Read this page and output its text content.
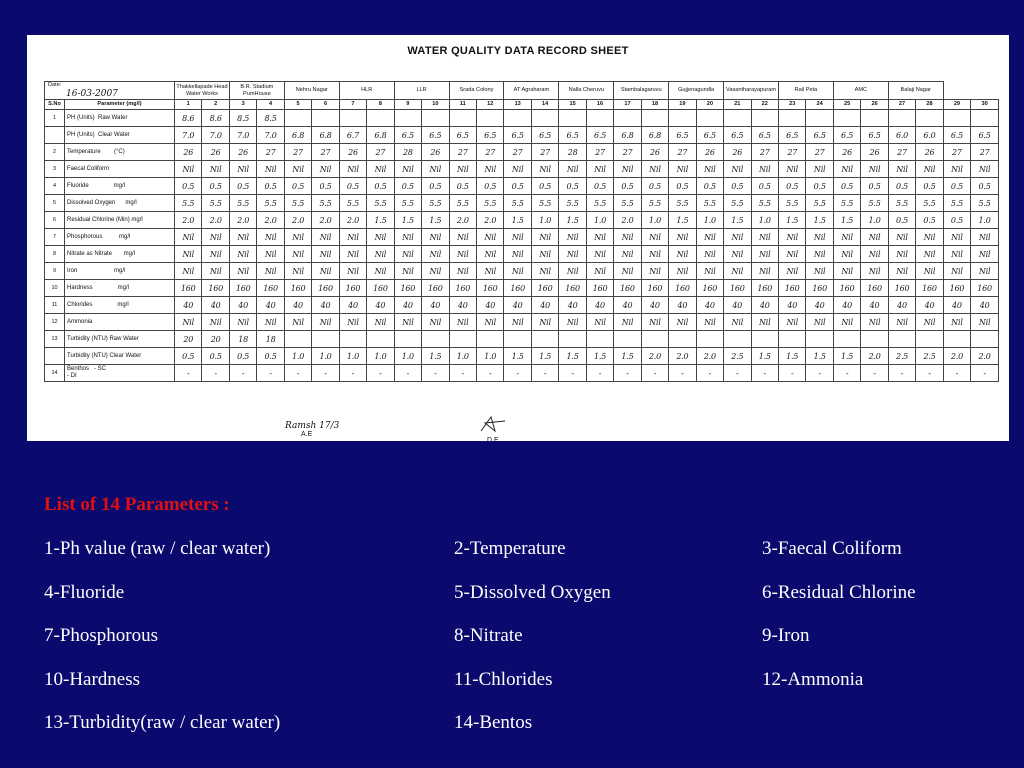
WATER QUALITY DATA RECORD SHEET
Date:
16-03-2007		Thakkellapade Head Water Works		B.R. Stadium PumHouse		Nehru Nagar		HLR		LLR		Srada Colony		AT Agraharam		Nalla Cheruvu		Stambalagaruvu		Gujjenagundla		Vasantharayapuram		Rail Peta		AMC		Balaji Nagar			

S.No	Parameter (mg/l)	1	2	3	4	5	6	7	8	9	10	11	12	13	14	15	16	17	18	19	20	21	22	23	24	25	26	27	28	29	30
1	PH (Units)  Raw Water	8.6	8.6	8.5	8.5																										
	PH (Units)  Clear Water	7.0	7.0	7.0	7.0	6.8	6.8	6.7	6.8	6.5	6.5	6.5	6.5	6.5	6.5	6.5	6.5	6.8	6.8	6.5	6.5	6.5	6.5	6.5	6.5	6.5	6.5	6.0	6.0	6.5	6.5
2	Temperature        (°C)	26	26	26	27	27	27	26	27	28	26	27	27	27	27	28	27	27	26	27	26	26	27	27	27	26	26	27	26	27	27
3	Faecal Coliform	Nil	Nil	Nil	Nil	Nil	Nil	Nil	Nil	Nil	Nil	Nil	Nil	Nil	Nil	Nil	Nil	Nil	Nil	Nil	Nil	Nil	Nil	Nil	Nil	Nil	Nil	Nil	Nil	Nil	Nil
4	Fluoride               mg/l	0.5	0.5	0.5	0.5	0.5	0.5	0.5	0.5	0.5	0.5	0.5	0.5	0.5	0.5	0.5	0.5	0.5	0.5	0.5	0.5	0.5	0.5	0.5	0.5	0.5	0.5	0.5	0.5	0.5	0.5
5	Dissolved Oxygen      mg/l	5.5	5.5	5.5	5.5	5.5	5.5	5.5	5.5	5.5	5.5	5.5	5.5	5.5	5.5	5.5	5.5	5.5	5.5	5.5	5.5	5.5	5.5	5.5	5.5	5.5	5.5	5.5	5.5	5.5	5.5
6	Residual Chlorine (Min) mg/l	2.0	2.0	2.0	2.0	2.0	2.0	2.0	1.5	1.5	1.5	2.0	2.0	1.5	1.0	1.5	1.0	2.0	1.0	1.5	1.0	1.5	1.0	1.5	1.5	1.5	1.0	0.5	0.5	0.5	1.0
7	Phosphorous          mg/l	Nil	Nil	Nil	Nil	Nil	Nil	Nil	Nil	Nil	Nil	Nil	Nil	Nil	Nil	Nil	Nil	Nil	Nil	Nil	Nil	Nil	Nil	Nil	Nil	Nil	Nil	Nil	Nil	Nil	Nil
8	Nitrate as Nitrate       mg/l	Nil	Nil	Nil	Nil	Nil	Nil	Nil	Nil	Nil	Nil	Nil	Nil	Nil	Nil	Nil	Nil	Nil	Nil	Nil	Nil	Nil	Nil	Nil	Nil	Nil	Nil	Nil	Nil	Nil	Nil
9	Iron                      mg/l	Nil	Nil	Nil	Nil	Nil	Nil	Nil	Nil	Nil	Nil	Nil	Nil	Nil	Nil	Nil	Nil	Nil	Nil	Nil	Nil	Nil	Nil	Nil	Nil	Nil	Nil	Nil	Nil	Nil	Nil
10	Hardness               mg/l	160	160	160	160	160	160	160	160	160	160	160	160	160	160	160	160	160	160	160	160	160	160	160	160	160	160	160	160	160	160
11	Chlorides               mg/l	40	40	40	40	40	40	40	40	40	40	40	40	40	40	40	40	40	40	40	40	40	40	40	40	40	40	40	40	40	40
12	Ammonia	Nil	Nil	Nil	Nil	Nil	Nil	Nil	Nil	Nil	Nil	Nil	Nil	Nil	Nil	Nil	Nil	Nil	Nil	Nil	Nil	Nil	Nil	Nil	Nil	Nil	Nil	Nil	Nil	Nil	Nil
13	Turbidity (NTU) Raw Water	20	20	18	18																										
	Turbidity (NTU) Clear Water	0.5	0.5	0.5	0.5	1.0	1.0	1.0	1.0	1.0	1.5	1.0	1.0	1.5	1.5	1.5	1.5	1.5	2.0	2.0	2.0	2.5	1.5	1.5	1.5	1.5	2.0	2.5	2.5	2.0	2.0
14	Benthos   - SC
- DI	-	-	-	-	-	-	-	-	-	-	-	-	-	-	-	-	-	-	-	-	-	-	-	-	-	-	-	-	-	-
Ramsh 17/3
A.E
D.E
List of 14 Parameters :
1-Ph value (raw / clear water)	2-Temperature	3-Faecal Coliform
4-Fluoride	5-Dissolved Oxygen	6-Residual Chlorine
7-Phosphorous	8-Nitrate	9-Iron
10-Hardness	11-Chlorides	12-Ammonia
13-Turbidity(raw / clear water)	14-Bentos
